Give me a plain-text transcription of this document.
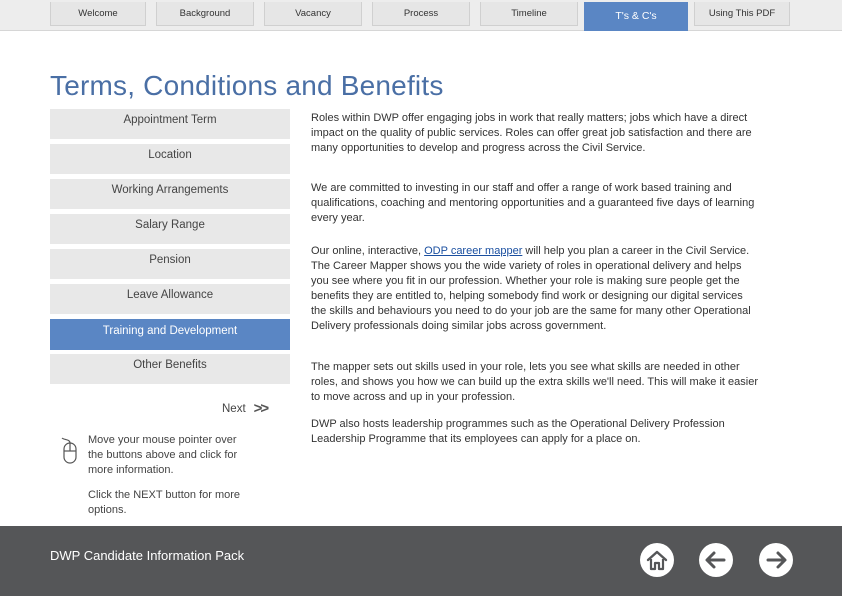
Welcome	Background	Vacancy	Process	Timeline	T's & C's	Using This PDF
Terms, Conditions and Benefits
Appointment Term
Location
Working Arrangements
Salary Range
Pension
Leave Allowance
Training and Development
Other Benefits
Next >>
Move your mouse pointer over the buttons above and click for more information.
Click the NEXT button for more options.

Roles within DWP offer engaging jobs in work that really matters; jobs which have a direct impact on the quality of public services. Roles can offer great job satisfaction and there are many opportunities to develop and progress across the Civil Service.

We are committed to investing in our staff and offer a range of work based training and qualifications, coaching and mentoring opportunities and a guaranteed five days of learning every year.

Our online, interactive, ODP career mapper will help you plan a career in the Civil Service. The Career Mapper shows you the wide variety of roles in operational delivery and helps you see where you fit in our profession. Whether your role is making sure people get the benefits they are entitled to, helping somebody find work or designing our digital services the skills and behaviours you need to do your job are the same for many other Operational Delivery professionals doing similar jobs across government.

The mapper sets out skills used in your role, lets you see what skills are needed in other roles, and shows you how we can build up the extra skills we'll need. This will make it easier to move across and up in your profession.

DWP also hosts leadership programmes such as the Operational Delivery Profession Leadership Programme that its employees can apply for a place on.

DWP Candidate Information Pack
